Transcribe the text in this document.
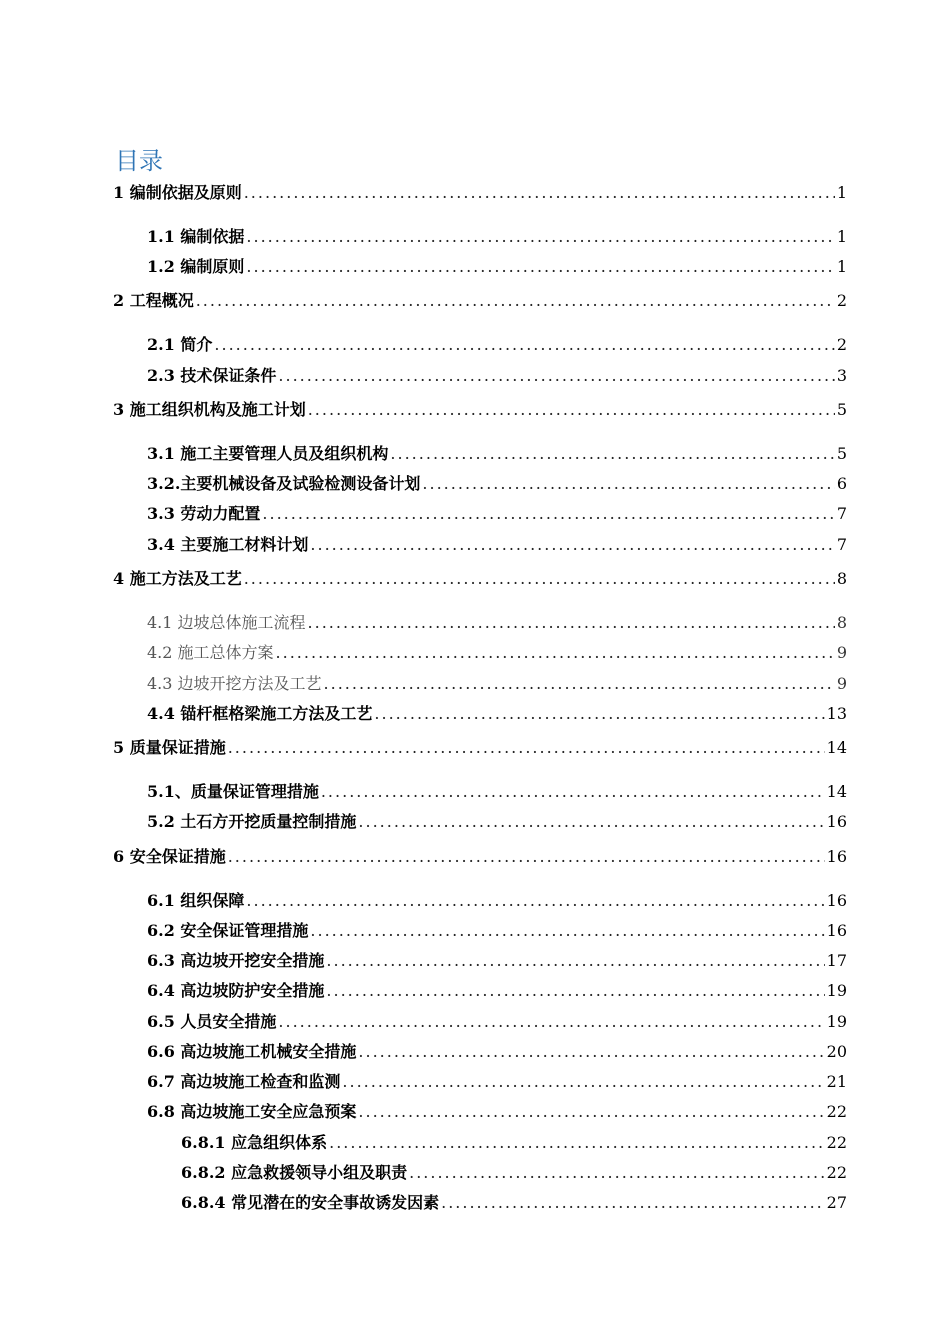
目录
1 编制依据及原则 .....	1
1.1 编制依据 .....	1
1.2 编制原则 .....	1
2 工程概况 .....	2
2.1 简介 .....	2
2.3 技术保证条件 .....	3
3 施工组织机构及施工计划 .....	5
3.1 施工主要管理人员及组织机构 .....	5
3.2.主要机械设备及试验检测设备计划 .....	6
3.3 劳动力配置 .....	7
3.4 主要施工材料计划 .....	7
4 施工方法及工艺 .....	8
4.1 边坡总体施工流程 .....	8
4.2 施工总体方案 .....	9
4.3 边坡开挖方法及工艺 .....	9
4.4 锚杆框格梁施工方法及工艺 .....	13
5 质量保证措施 .....	14
5.1、质量保证管理措施 .....	14
5.2 土石方开挖质量控制措施 .....	16
6 安全保证措施 .....	16
6.1 组织保障 .....	16
6.2 安全保证管理措施 .....	16
6.3 高边坡开挖安全措施 .....	17
6.4 高边坡防护安全措施 .....	19
6.5 人员安全措施 .....	19
6.6 高边坡施工机械安全措施 .....	20
6.7 高边坡施工检查和监测 .....	21
6.8 高边坡施工安全应急预案 .....	22
6.8.1 应急组织体系 .....	22
6.8.2 应急救援领导小组及职责 .....	22
6.8.4 常见潜在的安全事故诱发因素 .....	27
